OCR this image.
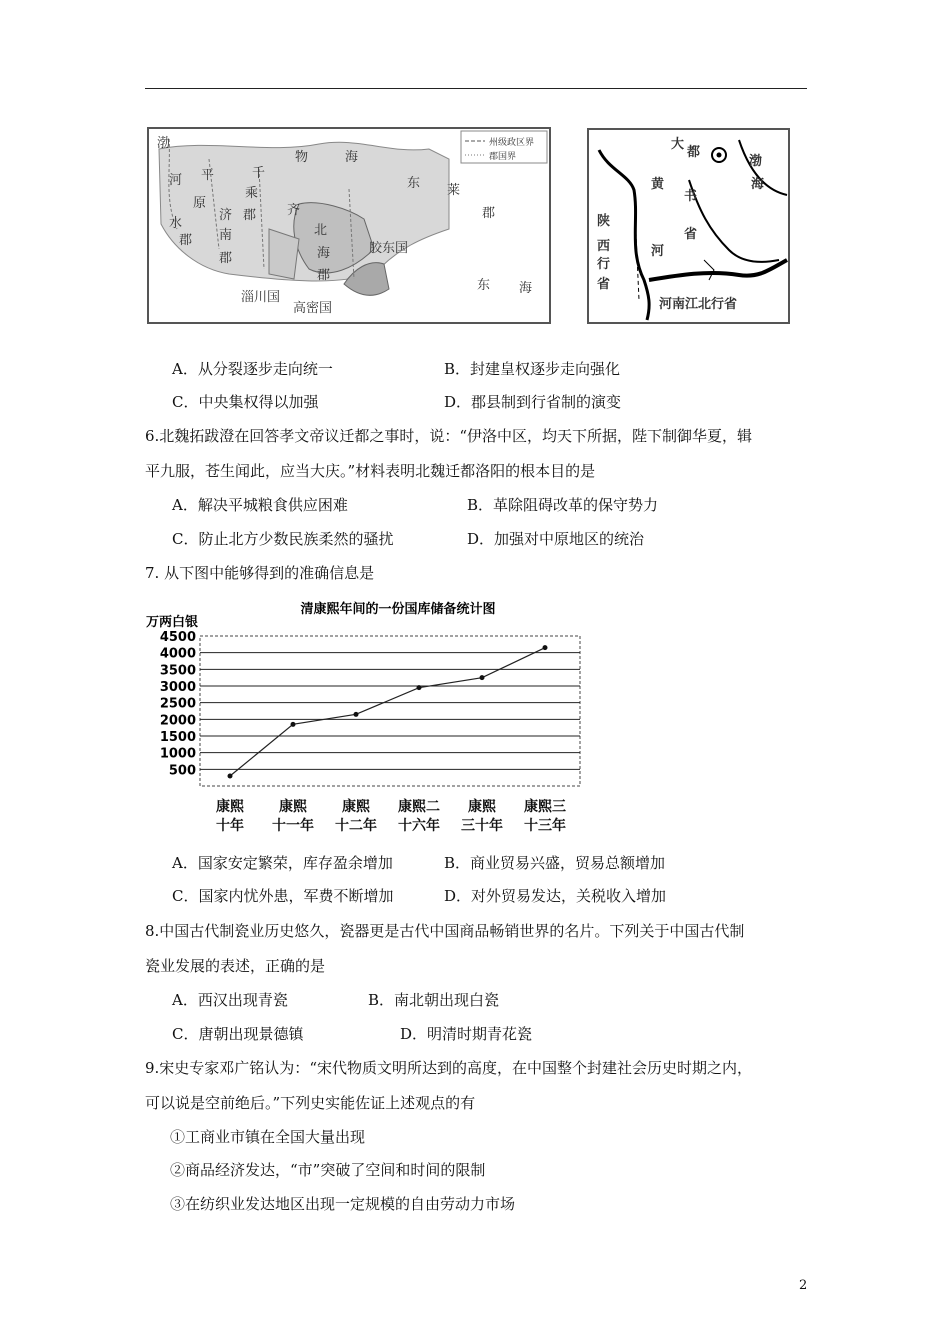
州级政区界
郡国界
渤
河 平
原
郡
水
千
乘
郡
济
南
郡
物	海
东 莱
郡
齐
北
海
郡
胶东国
淄川国
高密国
东 海
大
都
书
省
渤
海
黄
河
陕
西
行
省
河南江北行省
A．从分裂逐步走向统一	B．封建皇权逐步走向强化
C．中央集权得以加强	D．郡县制到行省制的演变
6.北魏拓跋澄在回答孝文帝议迁都之事时，说：“伊洛中区，均天下所据，陛下制御华夏，辑
平九服，苍生闻此，应当大庆。”材料表明北魏迁都洛阳的根本目的是
A．解决平城粮食供应困难	B．革除阻碍改革的保守势力
C．防止北方少数民族柔然的骚扰	D．加强对中原地区的统治
7. 从下图中能够得到的准确信息是
清康熙年间的一份国库储备统计图
万两白银
500
1000
1500
2000
2500
3000
3500
4000
4500
康熙
十年
康熙
十一年
康熙
十二年
康熙二
十六年
康熙
三十年
康熙三
十三年
A．国家安定繁荣，库存盈余增加	B．商业贸易兴盛，贸易总额增加
C．国家内忧外患，军费不断增加	D．对外贸易发达，关税收入增加
8.中国古代制瓷业历史悠久，瓷器更是古代中国商品畅销世界的名片。下列关于中国古代制
瓷业发展的表述，正确的是
A．西汉出现青瓷	B．南北朝出现白瓷
C．唐朝出现景德镇	D．明清时期青花瓷
9.宋史专家邓广铭认为：“宋代物质文明所达到的高度，在中国整个封建社会历史时期之内，
可以说是空前绝后。”下列史实能佐证上述观点的有
①工商业市镇在全国大量出现
②商品经济发达，“市”突破了空间和时间的限制
③在纺织业发达地区出现一定规模的自由劳动力市场
2
